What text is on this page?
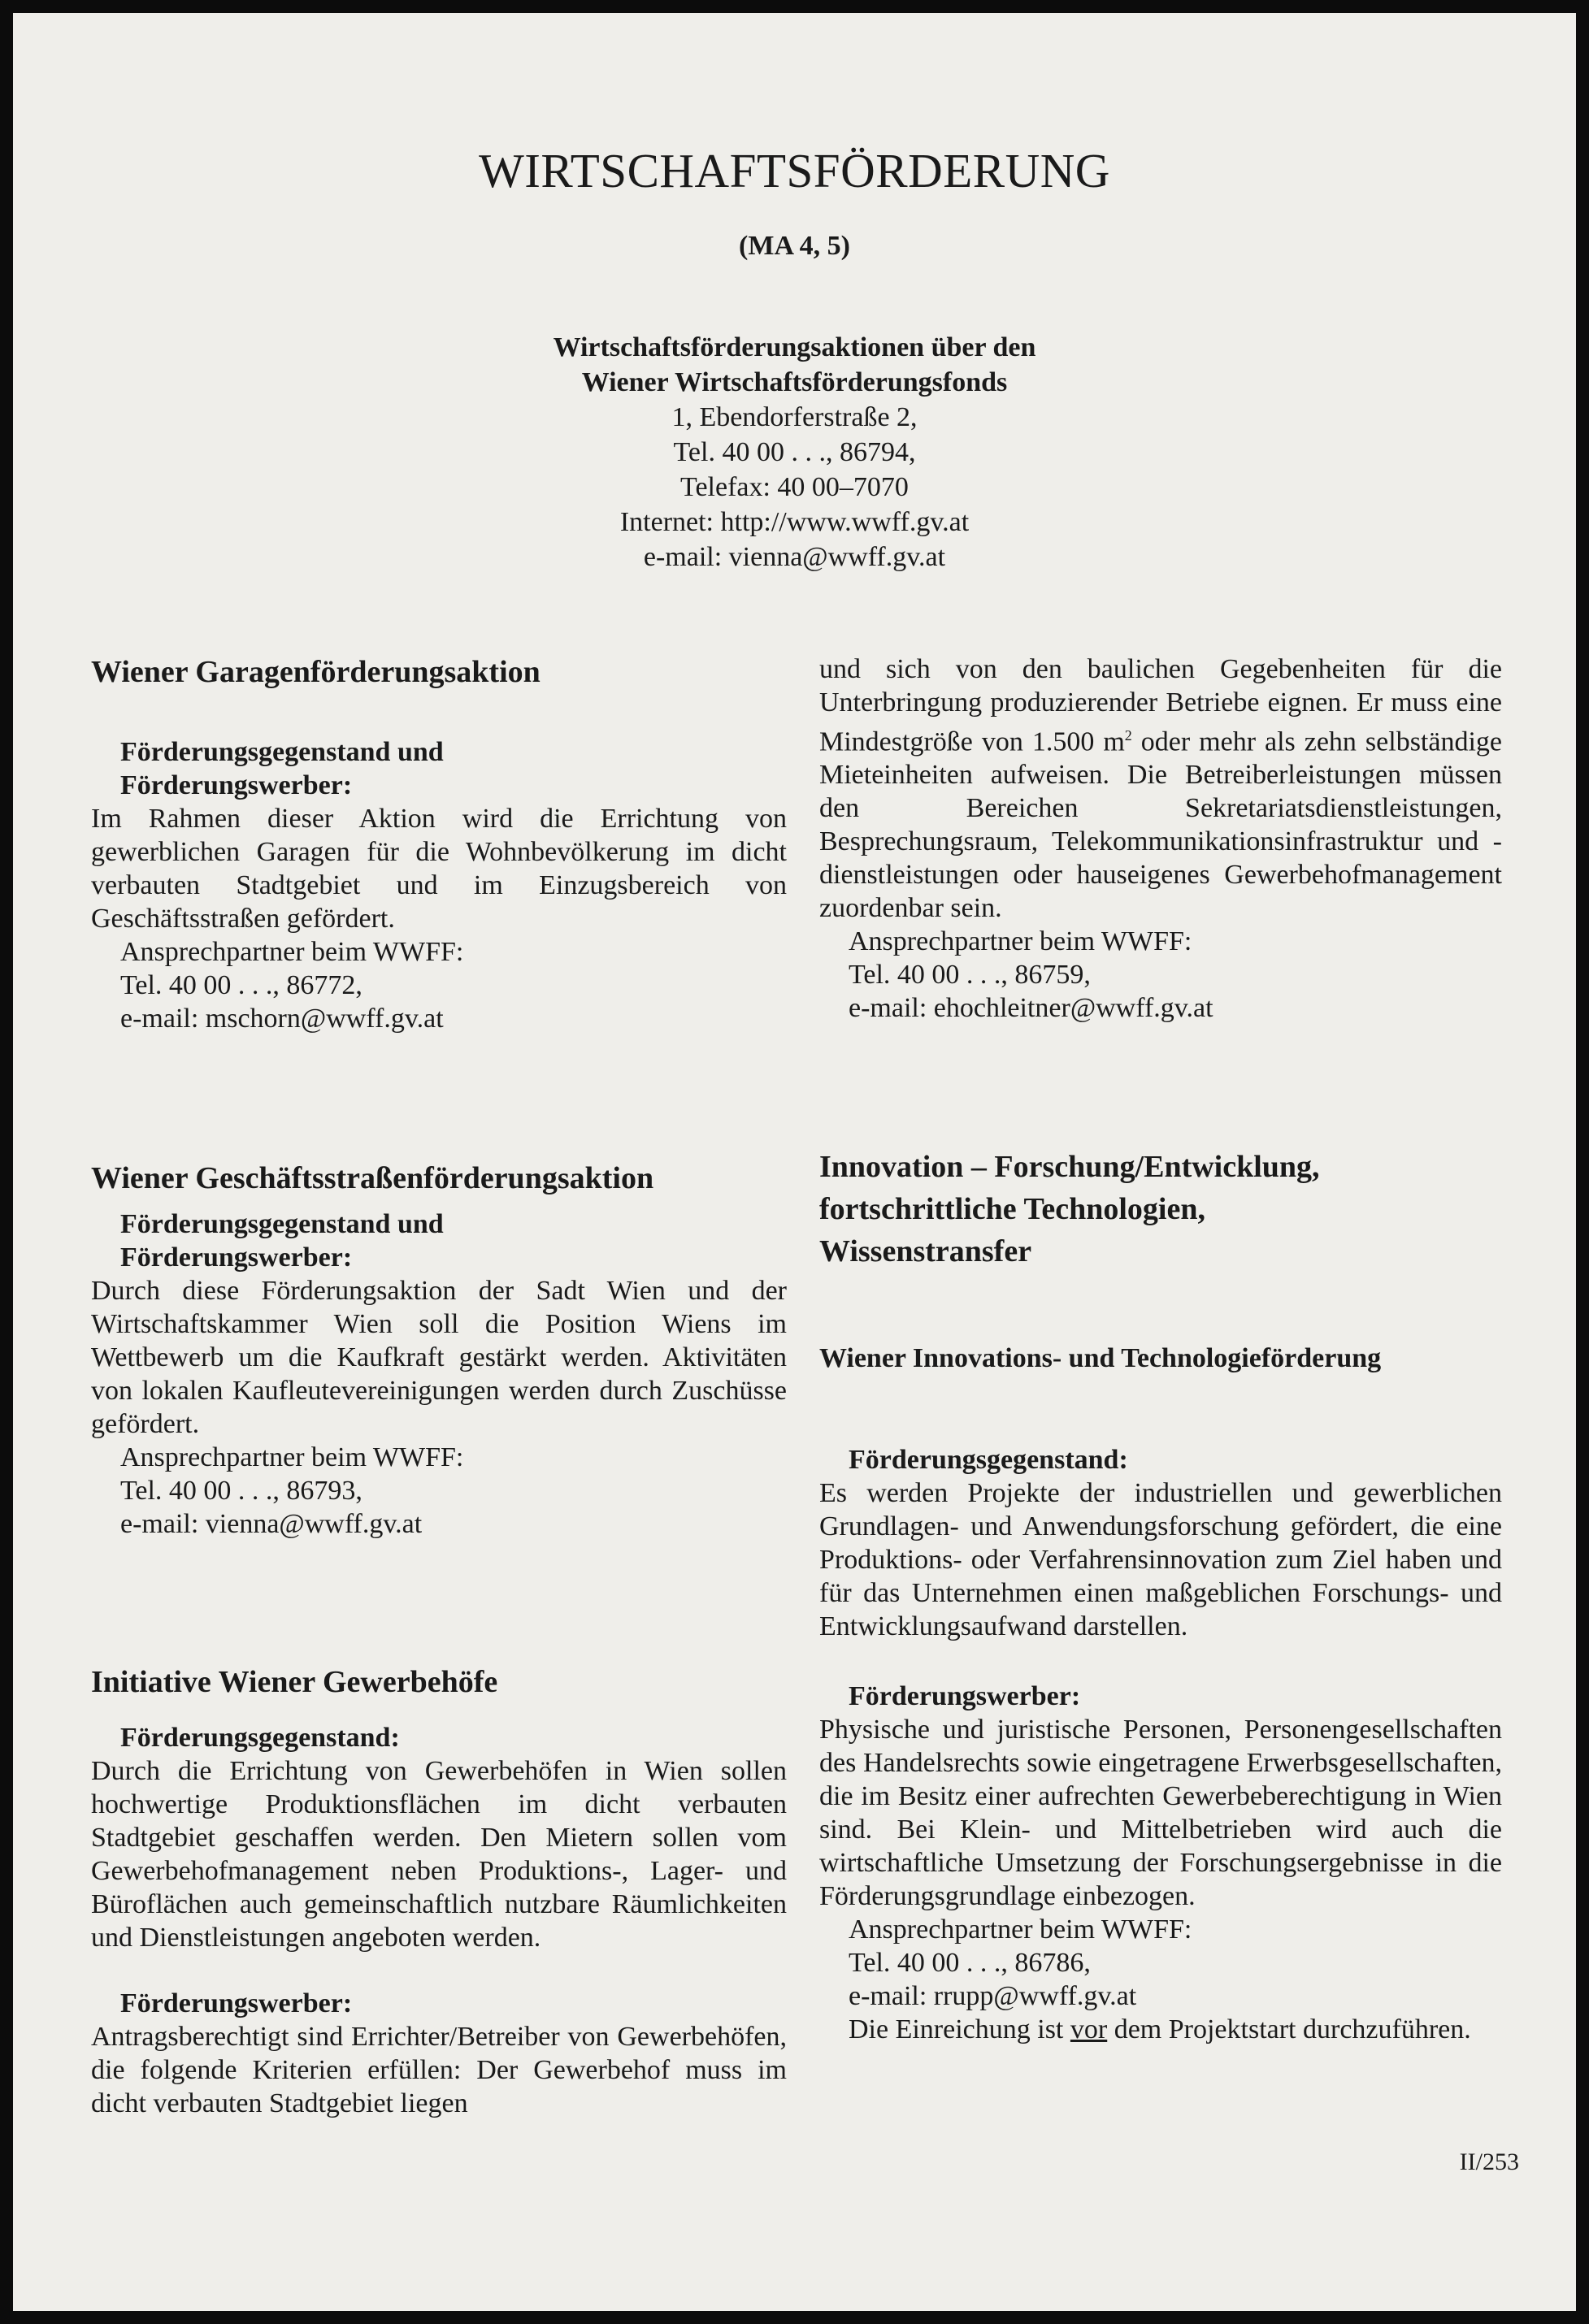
WIRTSCHAFTSFÖRDERUNG
(MA 4, 5)
Wirtschaftsförderungsaktionen über den
Wiener Wirtschaftsförderungsfonds
1, Ebendorferstraße 2,
Tel. 40 00 . . ., 86794,
Telefax: 40 00–7070
Internet: http://www.wwff.gv.at
e-mail: vienna@wwff.gv.at
Wiener Garagenförderungsaktion
Förderungsgegenstand und
Förderungswerber:
Im Rahmen dieser Aktion wird die Errichtung von gewerblichen Garagen für die Wohnbevölkerung im dicht verbauten Stadtgebiet und im Einzugsbereich von Geschäftsstraßen gefördert.
Ansprechpartner beim WWFF:
Tel. 40 00 . . ., 86772,
e-mail: mschorn@wwff.gv.at
Wiener Geschäftsstraßenförderungsaktion
Förderungsgegenstand und
Förderungswerber:
Durch diese Förderungsaktion der Sadt Wien und der Wirtschaftskammer Wien soll die Position Wiens im Wettbewerb um die Kaufkraft gestärkt werden. Aktivitäten von lokalen Kaufleutevereinigungen werden durch Zuschüsse gefördert.
Ansprechpartner beim WWFF:
Tel. 40 00 . . ., 86793,
e-mail: vienna@wwff.gv.at
Initiative Wiener Gewerbehöfe
Förderungsgegenstand:
Durch die Errichtung von Gewerbehöfen in Wien sollen hochwertige Produktionsflächen im dicht verbauten Stadtgebiet geschaffen werden. Den Mietern sollen vom Gewerbehofmanagement neben Produktions-, Lager- und Büroflächen auch gemeinschaftlich nutzbare Räumlichkeiten und Dienstleistungen angeboten werden.
Förderungswerber:
Antragsberechtigt sind Errichter/Betreiber von Gewerbehöfen, die folgende Kriterien erfüllen: Der Gewerbehof muss im dicht verbauten Stadtgebiet liegen
und sich von den baulichen Gegebenheiten für die Unterbringung produzierender Betriebe eignen. Er muss eine Mindestgröße von 1.500 $m^2$ oder mehr als zehn selbständige Mieteinheiten aufweisen. Die Betreiberleistungen müssen den Bereichen Sekretariatsdienstleistungen, Besprechungsraum, Telekommunikationsinfrastruktur und -dienstleistungen oder hauseigenes Gewerbehofmanagement zuordenbar sein.
Ansprechpartner beim WWFF:
Tel. 40 00 . . ., 86759,
e-mail: ehochleitner@wwff.gv.at
Innovation – Forschung/Entwicklung,
fortschrittliche Technologien,
Wissenstransfer
Wiener Innovations- und Technologieförderung
Förderungsgegenstand:
Es werden Projekte der industriellen und gewerblichen Grundlagen- und Anwendungsforschung gefördert, die eine Produktions- oder Verfahrensinnovation zum Ziel haben und für das Unternehmen einen maßgeblichen Forschungs- und Entwicklungsaufwand darstellen.
Förderungswerber:
Physische und juristische Personen, Personengesellschaften des Handelsrechts sowie eingetragene Erwerbsgesellschaften, die im Besitz einer aufrechten Gewerbeberechtigung in Wien sind. Bei Klein- und Mittelbetrieben wird auch die wirtschaftliche Umsetzung der Forschungsergebnisse in die Förderungsgrundlage einbezogen.
Ansprechpartner beim WWFF:
Tel. 40 00 . . ., 86786,
e-mail: rrupp@wwff.gv.at
Die Einreichung ist vor dem Projektstart durchzuführen.
II/253
